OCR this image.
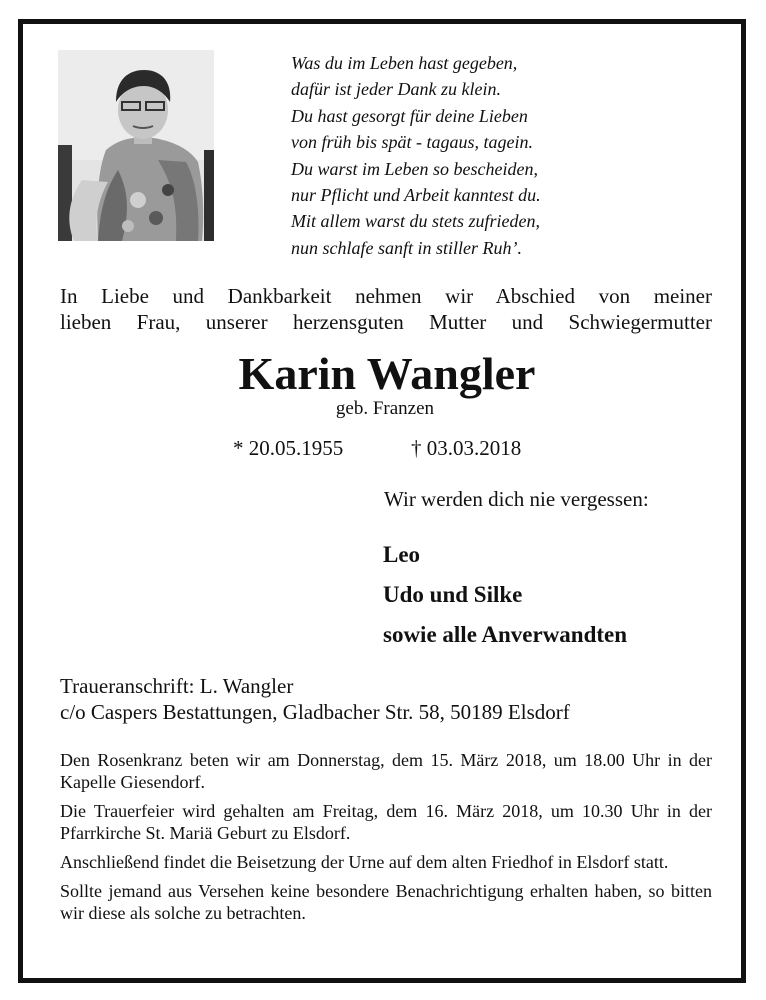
Was du im Leben hast gegeben,
dafür ist jeder Dank zu klein.
Du hast gesorgt für deine Lieben
von früh bis spät - tagaus, tagein.
Du warst im Leben so bescheiden,
nur Pflicht und Arbeit kanntest du.
Mit allem warst du stets zufrieden,
nun schlafe sanft in stiller Ruh’.
In Liebe und Dankbarkeit nehmen wir Abschied von meiner
lieben Frau, unserer herzensguten Mutter und Schwiegermutter
Karin Wangler
geb. Franzen
* 20.05.1955	† 03.03.2018
Wir werden dich nie vergessen:
Leo
Udo und Silke
sowie alle Anverwandten
Traueranschrift: L. Wangler
c/o Caspers Bestattungen, Gladbacher Str. 58, 50189 Elsdorf

Den Rosenkranz beten wir am Donnerstag, dem 15. März 2018, um 18.00 Uhr in der Kapelle Giesendorf.

Die Trauerfeier wird gehalten am Freitag, dem 16. März 2018, um 10.30 Uhr in der Pfarrkirche St. Mariä Geburt zu Elsdorf.

Anschließend findet die Beisetzung der Urne auf dem alten Friedhof in Elsdorf statt.

Sollte jemand aus Versehen keine besondere Benachrichtigung erhalten haben, so bitten wir diese als solche zu betrachten.
